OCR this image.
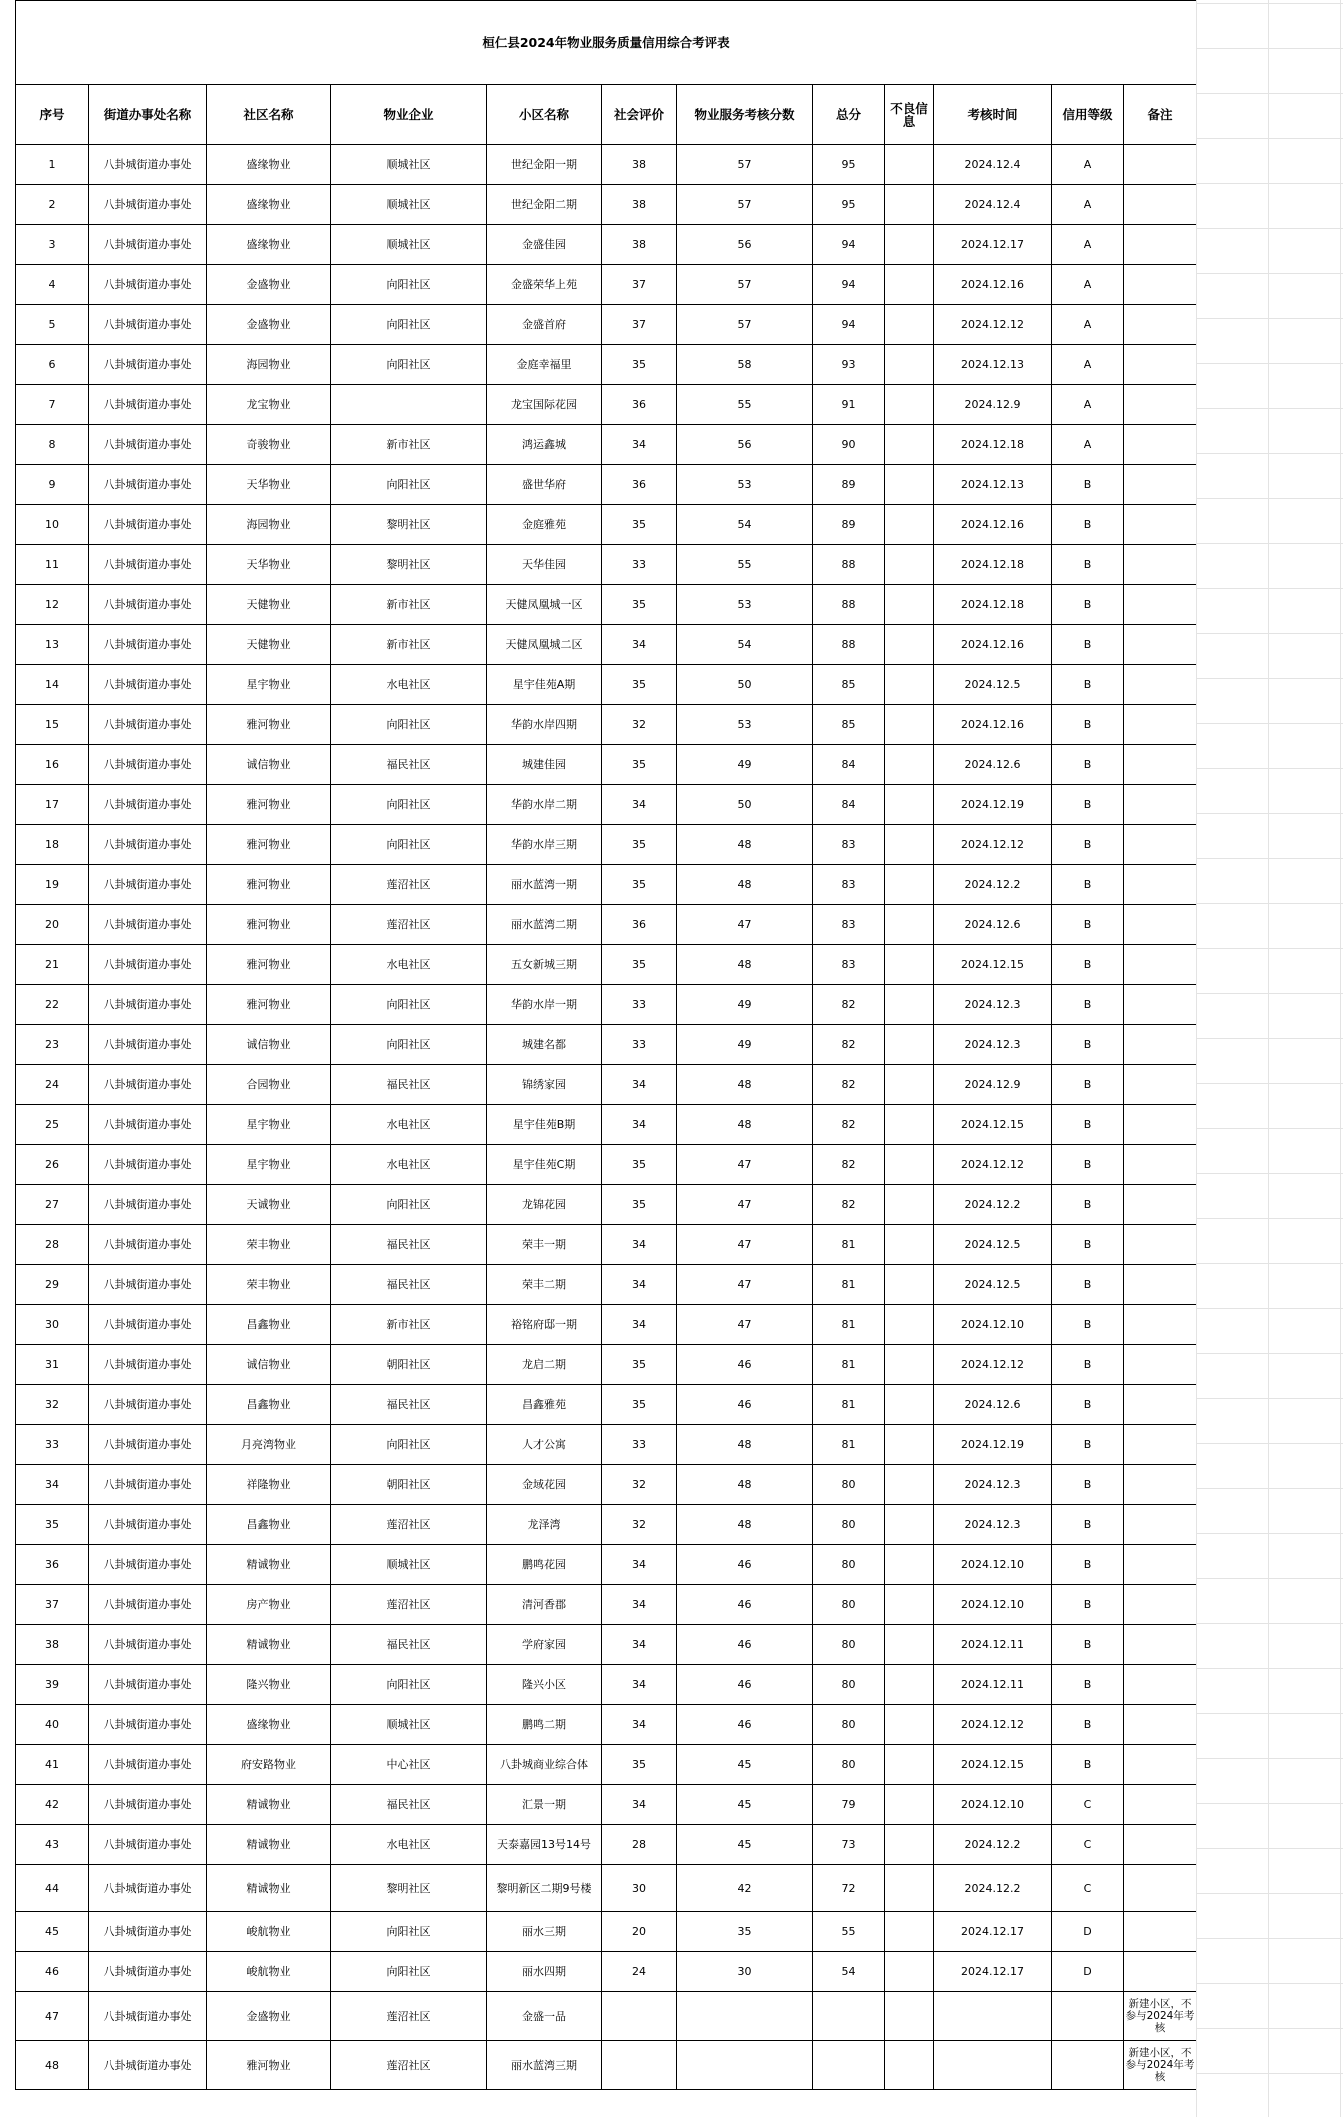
桓仁县2024年物业服务质量信用综合考评表											
序号	街道办事处名称	社区名称	物业企业	小区名称	社会评价	物业服务考核分数	总分	不良信息	考核时间	信用等级	备注
1	八卦城街道办事处	盛缘物业	顺城社区	世纪金阳一期	38	57	95		2024.12.4	A	
2	八卦城街道办事处	盛缘物业	顺城社区	世纪金阳二期	38	57	95		2024.12.4	A	
3	八卦城街道办事处	盛缘物业	顺城社区	金盛佳园	38	56	94		2024.12.17	A	
4	八卦城街道办事处	金盛物业	向阳社区	金盛荣华上苑	37	57	94		2024.12.16	A	
5	八卦城街道办事处	金盛物业	向阳社区	金盛首府	37	57	94		2024.12.12	A	
6	八卦城街道办事处	海园物业	向阳社区	金庭幸福里	35	58	93		2024.12.13	A	
7	八卦城街道办事处	龙宝物业		龙宝国际花园	36	55	91		2024.12.9	A	
8	八卦城街道办事处	奇骏物业	新市社区	鸿运鑫城	34	56	90		2024.12.18	A	
9	八卦城街道办事处	天华物业	向阳社区	盛世华府	36	53	89		2024.12.13	B	
10	八卦城街道办事处	海园物业	黎明社区	金庭雅苑	35	54	89		2024.12.16	B	
11	八卦城街道办事处	天华物业	黎明社区	天华佳园	33	55	88		2024.12.18	B	
12	八卦城街道办事处	天健物业	新市社区	天健凤凰城一区	35	53	88		2024.12.18	B	
13	八卦城街道办事处	天健物业	新市社区	天健凤凰城二区	34	54	88		2024.12.16	B	
14	八卦城街道办事处	星宇物业	水电社区	星宇佳苑A期	35	50	85		2024.12.5	B	
15	八卦城街道办事处	雅河物业	向阳社区	华韵水岸四期	32	53	85		2024.12.16	B	
16	八卦城街道办事处	诚信物业	福民社区	城建佳园	35	49	84		2024.12.6	B	
17	八卦城街道办事处	雅河物业	向阳社区	华韵水岸二期	34	50	84		2024.12.19	B	
18	八卦城街道办事处	雅河物业	向阳社区	华韵水岸三期	35	48	83		2024.12.12	B	
19	八卦城街道办事处	雅河物业	莲沼社区	丽水蓝湾一期	35	48	83		2024.12.2	B	
20	八卦城街道办事处	雅河物业	莲沼社区	丽水蓝湾二期	36	47	83		2024.12.6	B	
21	八卦城街道办事处	雅河物业	水电社区	五女新城三期	35	48	83		2024.12.15	B	
22	八卦城街道办事处	雅河物业	向阳社区	华韵水岸一期	33	49	82		2024.12.3	B	
23	八卦城街道办事处	诚信物业	向阳社区	城建名都	33	49	82		2024.12.3	B	
24	八卦城街道办事处	合园物业	福民社区	锦绣家园	34	48	82		2024.12.9	B	
25	八卦城街道办事处	星宇物业	水电社区	星宇佳苑B期	34	48	82		2024.12.15	B	
26	八卦城街道办事处	星宇物业	水电社区	星宇佳苑C期	35	47	82		2024.12.12	B	
27	八卦城街道办事处	天诚物业	向阳社区	龙锦花园	35	47	82		2024.12.2	B	
28	八卦城街道办事处	荣丰物业	福民社区	荣丰一期	34	47	81		2024.12.5	B	
29	八卦城街道办事处	荣丰物业	福民社区	荣丰二期	34	47	81		2024.12.5	B	
30	八卦城街道办事处	昌鑫物业	新市社区	裕铭府邸一期	34	47	81		2024.12.10	B	
31	八卦城街道办事处	诚信物业	朝阳社区	龙启二期	35	46	81		2024.12.12	B	
32	八卦城街道办事处	昌鑫物业	福民社区	昌鑫雅苑	35	46	81		2024.12.6	B	
33	八卦城街道办事处	月亮湾物业	向阳社区	人才公寓	33	48	81		2024.12.19	B	
34	八卦城街道办事处	祥隆物业	朝阳社区	金域花园	32	48	80		2024.12.3	B	
35	八卦城街道办事处	昌鑫物业	莲沼社区	龙泽湾	32	48	80		2024.12.3	B	
36	八卦城街道办事处	精诚物业	顺城社区	鹏鸣花园	34	46	80		2024.12.10	B	
37	八卦城街道办事处	房产物业	莲沼社区	清河香郡	34	46	80		2024.12.10	B	
38	八卦城街道办事处	精诚物业	福民社区	学府家园	34	46	80		2024.12.11	B	
39	八卦城街道办事处	隆兴物业	向阳社区	隆兴小区	34	46	80		2024.12.11	B	
40	八卦城街道办事处	盛缘物业	顺城社区	鹏鸣二期	34	46	80		2024.12.12	B	
41	八卦城街道办事处	府安路物业	中心社区	八卦城商业综合体	35	45	80		2024.12.15	B	
42	八卦城街道办事处	精诚物业	福民社区	汇景一期	34	45	79		2024.12.10	C	
43	八卦城街道办事处	精诚物业	水电社区	天泰嘉园13号14号	28	45	73		2024.12.2	C	
44	八卦城街道办事处	精诚物业	黎明社区	黎明新区二期9号楼	30	42	72		2024.12.2	C	
45	八卦城街道办事处	峻航物业	向阳社区	丽水三期	20	35	55		2024.12.17	D	
46	八卦城街道办事处	峻航物业	向阳社区	丽水四期	24	30	54		2024.12.17	D	
47	八卦城街道办事处	金盛物业	莲沼社区	金盛一品							新建小区，不参与2024年考核
48	八卦城街道办事处	雅河物业	莲沼社区	丽水蓝湾三期							新建小区，不参与2024年考核
